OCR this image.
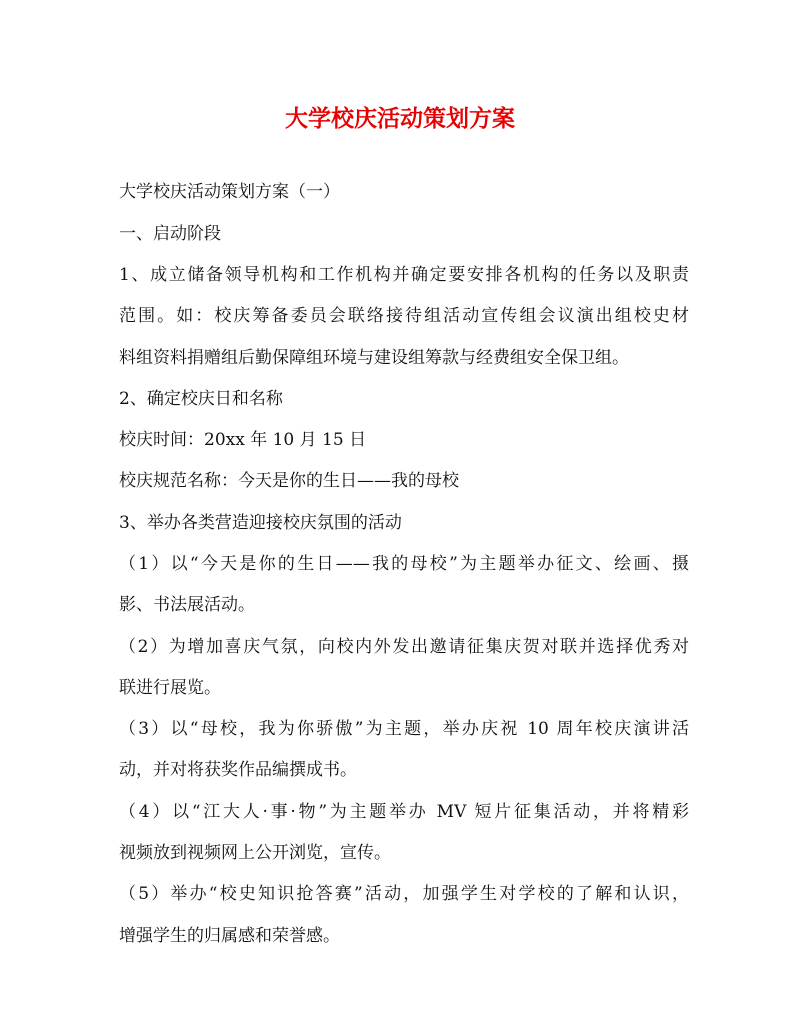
大学校庆活动策划方案

大学校庆活动策划方案（一）

一、启动阶段

1、成立储备领导机构和工作机构并确定要安排各机构的任务以及职责

范围。如：校庆筹备委员会联络接待组活动宣传组会议演出组校史材

料组资料捐赠组后勤保障组环境与建设组筹款与经费组安全保卫组。

2、确定校庆日和名称

校庆时间：20xx 年 10 月 15 日

校庆规范名称：今天是你的生日——我的母校

3、举办各类营造迎接校庆氛围的活动

（1）以“今天是你的生日——我的母校”为主题举办征文、绘画、摄

影、书法展活动。

（2）为增加喜庆气氛，向校内外发出邀请征集庆贺对联并选择优秀对

联进行展览。

（3）以“母校，我为你骄傲”为主题，举办庆祝 10 周年校庆演讲活

动，并对将获奖作品编撰成书。

（4）以“江大人·事·物”为主题举办 MV 短片征集活动，并将精彩

视频放到视频网上公开浏览，宣传。

（5）举办“校史知识抢答赛”活动，加强学生对学校的了解和认识，

增强学生的归属感和荣誉感。
